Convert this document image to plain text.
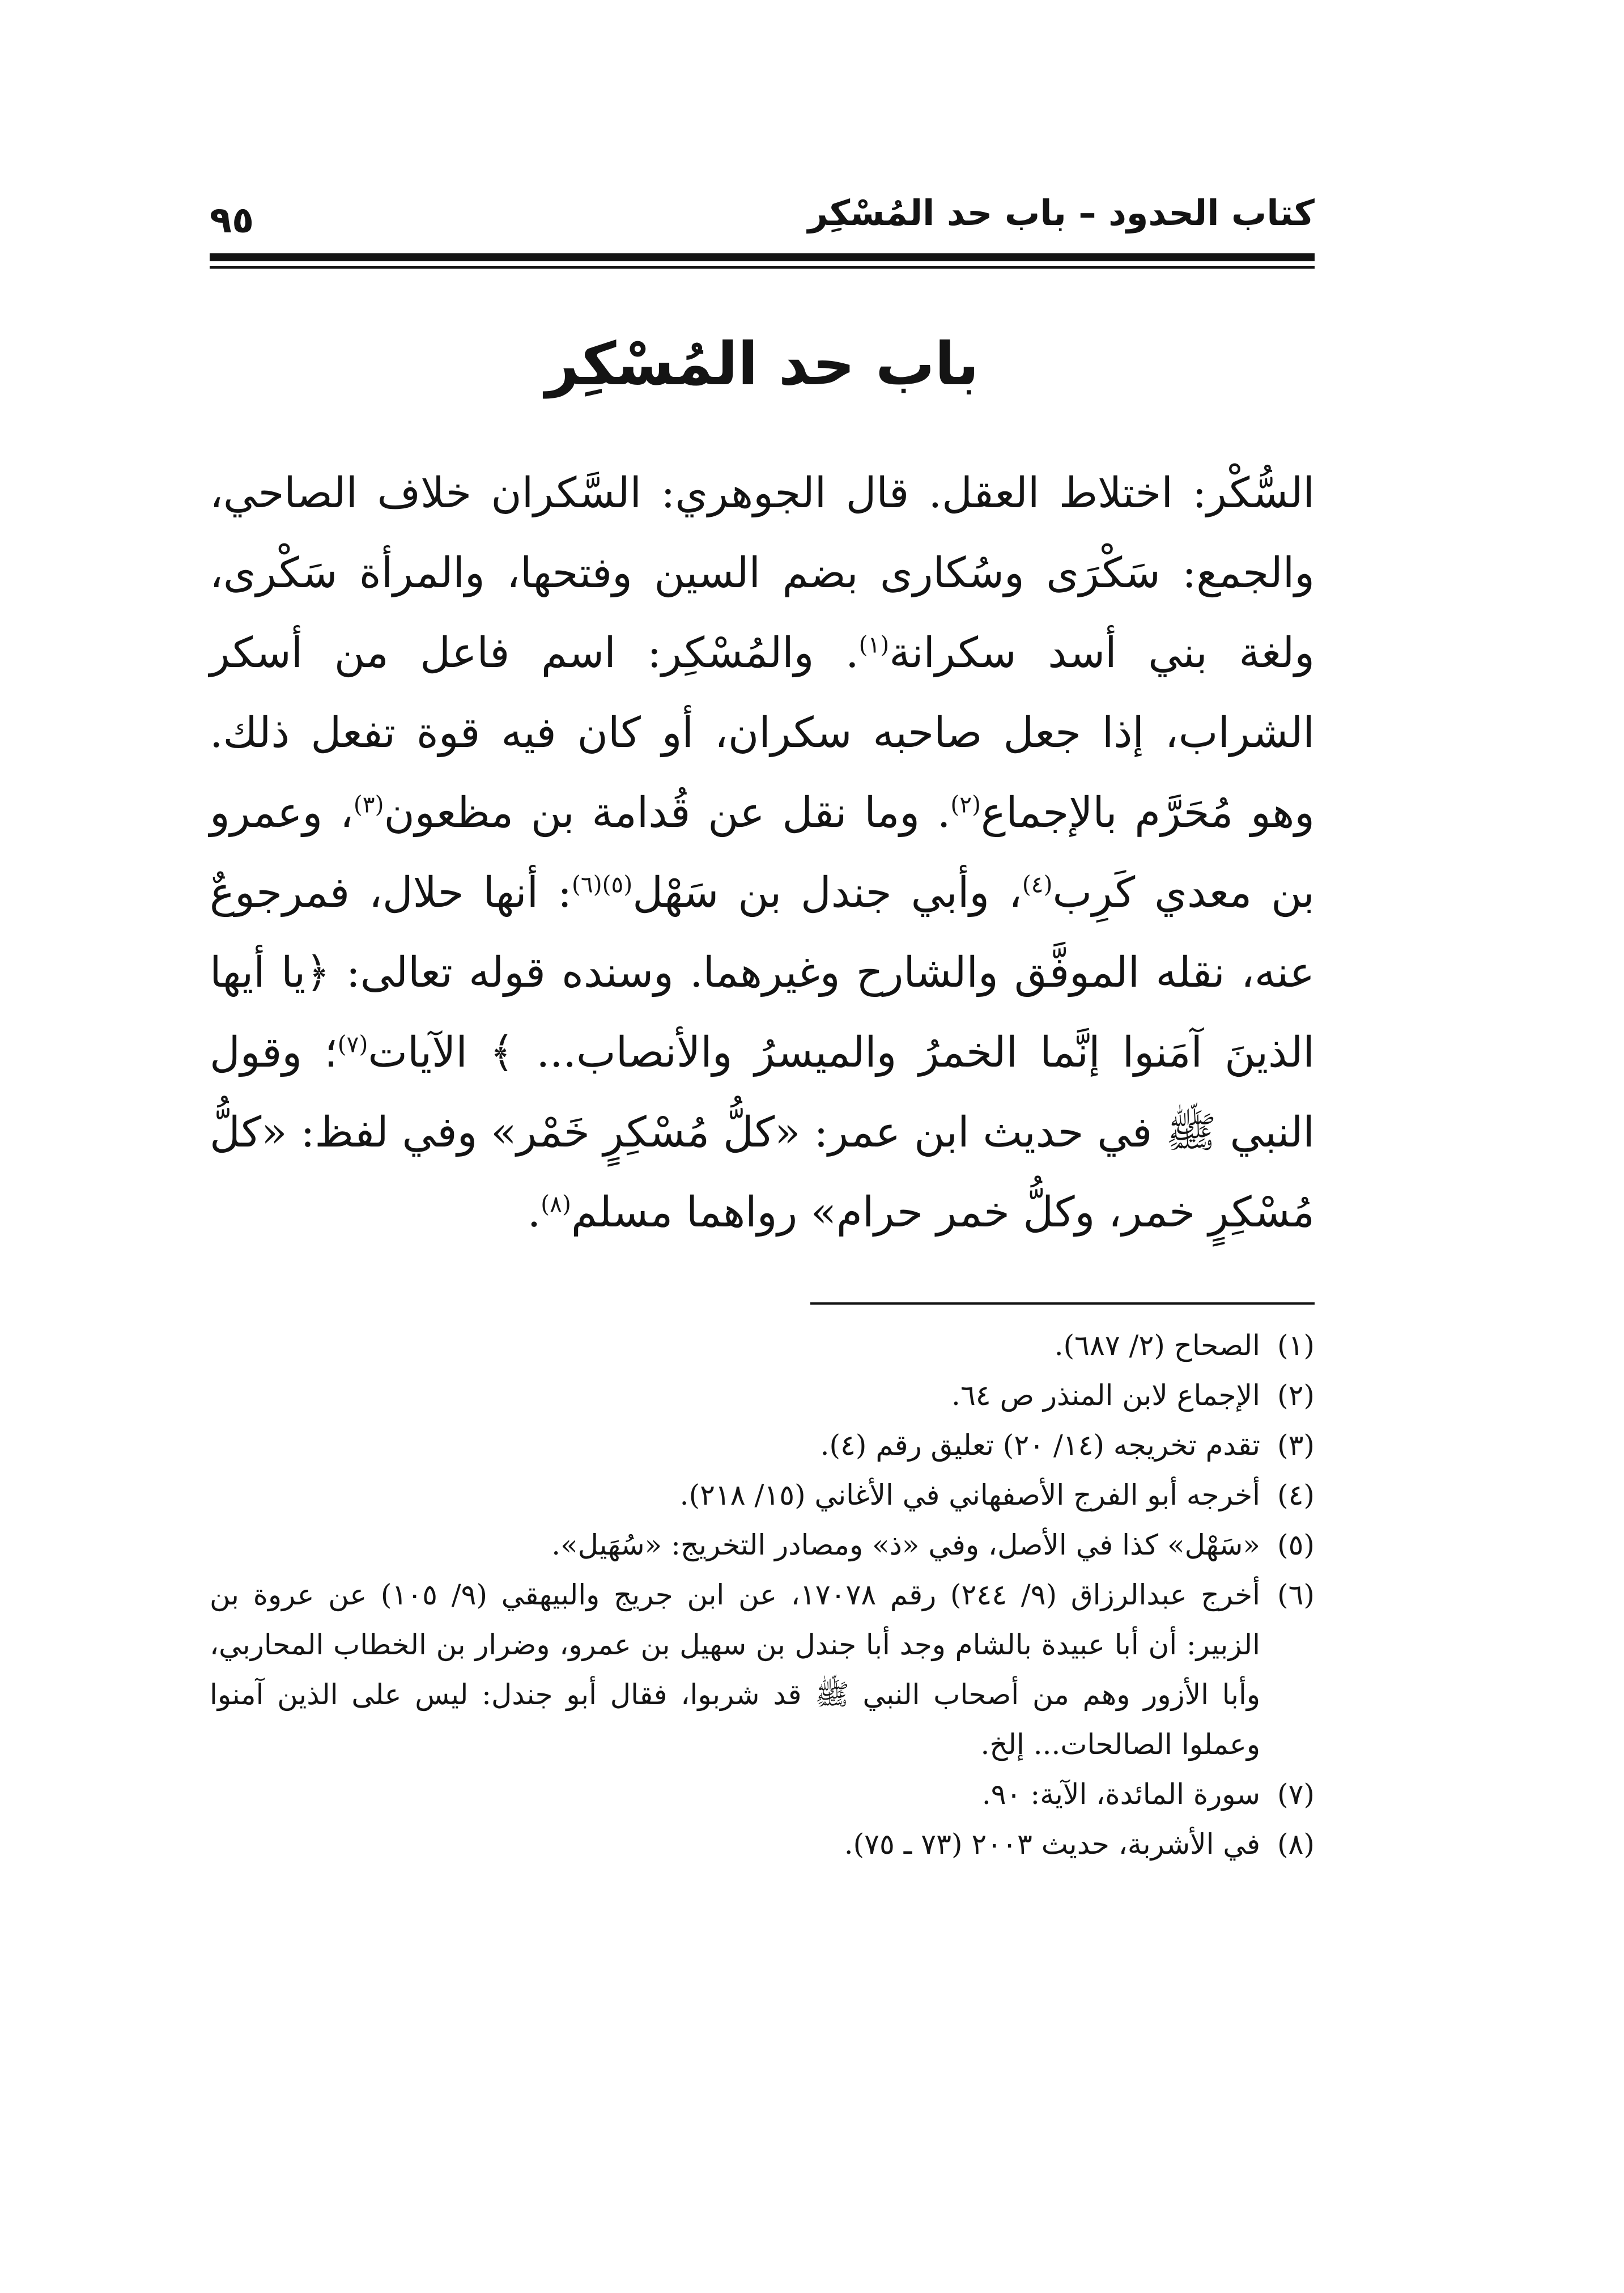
كتاب الحدود – باب حد المُسْكِر
٩٥
باب حد المُسْكِر
السُّكْر: اختلاط العقل. قال الجوهري: السَّكران خلاف الصاحي، والجمع: سَكْرَى وسُكارى بضم السين وفتحها، والمرأة سَكْرى، ولغة بني أسد سكرانة$^{(١)}$. والمُسْكِر: اسم فاعل من أسكر الشراب، إذا جعل صاحبه سكران، أو كان فيه قوة تفعل ذلك. وهو مُحَرَّم بالإجماع$^{(٢)}$. وما نقل عن قُدامة بن مظعون$^{(٣)}$، وعمرو بن معدي كَرِب$^{(٤)}$، وأبي جندل بن سَهْل$^{(٥)(٦)}$: أنها حلال، فمرجوعٌ عنه، نقله الموفَّق والشارح وغيرهما. وسنده قوله تعالى: ﴿يا أيها الذينَ آمَنوا إنَّما الخمرُ والميسرُ والأنصاب... ﴾ الآيات$^{(٧)}$؛ وقول النبي ﷺ في حديث ابن عمر: «كلُّ مُسْكِرٍ خَمْر» وفي لفظ: «كلُّ مُسْكِرٍ خمر، وكلُّ خمر حرام» رواهما مسلم$^{(٨)}$.
(١)
الصحاح (٢/ ٦٨٧).
(٢)
الإجماع لابن المنذر ص ٦٤.
(٣)
تقدم تخريجه (١٤/ ٢٠) تعليق رقم (٤).
(٤)
أخرجه أبو الفرج الأصفهاني في الأغاني (١٥/ ٢١٨).
(٥)
«سَهْل» كذا في الأصل، وفي «ذ» ومصادر التخريج: «سُهَيل».
(٦)
أخرج عبدالرزاق (٩/ ٢٤٤) رقم ١٧٠٧٨، عن ابن جريج والبيهقي (٩/ ١٠٥) عن عروة بن الزبير: أن أبا عبيدة بالشام وجد أبا جندل بن سهيل بن عمرو، وضرار بن الخطاب المحاربي، وأبا الأزور وهم من أصحاب النبي ﷺ قد شربوا، فقال أبو جندل: ليس على الذين آمنوا وعملوا الصالحات... إلخ.
(٧)
سورة المائدة، الآية: ٩٠.
(٨)
في الأشربة، حديث ٢٠٠٣ (٧٣ ـ ٧٥).
